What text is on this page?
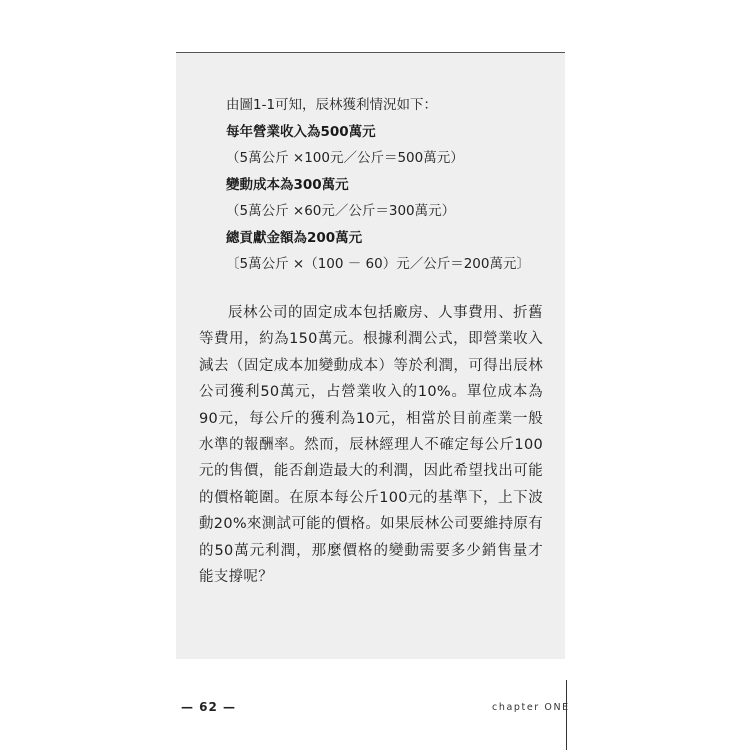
由圖1-1可知，辰林獲利情況如下：
每年營業收入為500萬元
（5萬公斤 ×100元／公斤＝500萬元）
變動成本為300萬元
（5萬公斤 ×60元／公斤＝300萬元）
總貢獻金額為200萬元
〔5萬公斤 ×（100 － 60）元／公斤＝200萬元〕

辰林公司的固定成本包括廠房、人事費用、折舊等費用，約為150萬元。根據利潤公式，即營業收入減去（固定成本加變動成本）等於利潤，可得出辰林公司獲利50萬元，占營業收入的10%。單位成本為90元，每公斤的獲利為10元，相當於目前產業一般水準的報酬率。然而，辰林經理人不確定每公斤100元的售價，能否創造最大的利潤，因此希望找出可能的價格範圍。在原本每公斤100元的基準下，上下波動20%來測試可能的價格。如果辰林公司要維持原有的50萬元利潤，那麼價格的變動需要多少銷售量才能支撐呢？

— 62 —	chapter ONE
